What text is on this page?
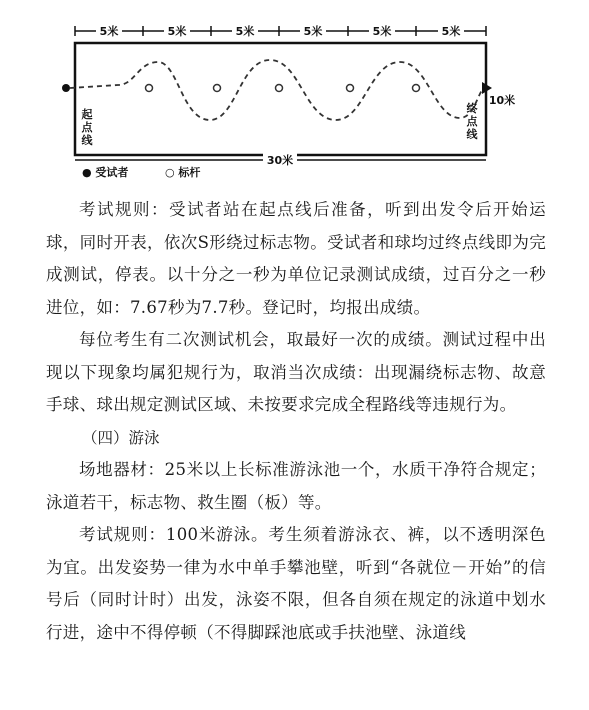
5米	5米	5米	5米	5米	5米
起
点
线
终
点
线
10米
30米
● 受试者	○ 标杆

考试规则：受试者站在起点线后准备，听到出发令后开始运球，同时开表，依次S形绕过标志物。受试者和球均过终点线即为完成测试，停表。以十分之一秒为单位记录测试成绩，过百分之一秒进位，如：7.67秒为7.7秒。登记时，均报出成绩。

每位考生有二次测试机会，取最好一次的成绩。测试过程中出现以下现象均属犯规行为，取消当次成绩：出现漏绕标志物、故意手球、球出规定测试区域、未按要求完成全程路线等违规行为。

（四）游泳

场地器材：25米以上长标准游泳池一个，水质干净符合规定；泳道若干，标志物、救生圈（板）等。

考试规则：100米游泳。考生须着游泳衣、裤，以不透明深色为宜。出发姿势一律为水中单手攀池壁，听到“各就位－开始”的信号后（同时计时）出发，泳姿不限，但各自须在规定的泳道中划水行进，途中不得停顿（不得脚踩池底或手扶池壁、泳道线
